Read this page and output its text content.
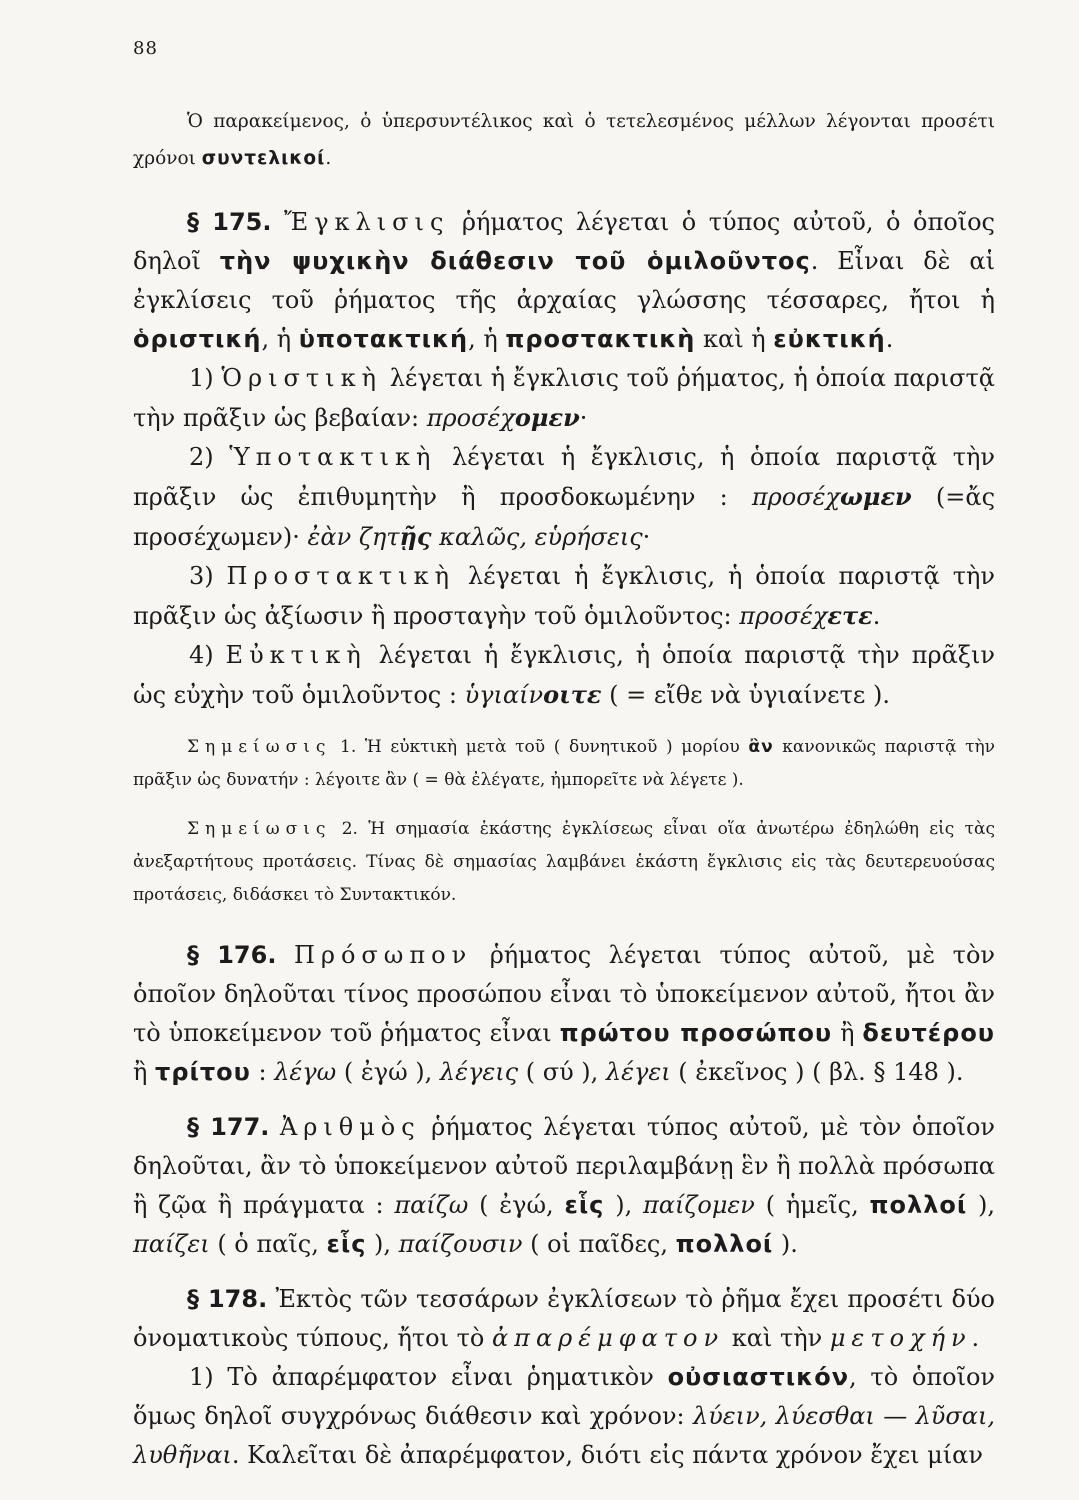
88

Ὁ παρακείμενος, ὁ ὑπερσυντέλικος καὶ ὁ τετελεσμένος μέλλων λέγονται προσέτι χρόνοι συντελικοί.

§ 175. Ἔγκλισις ῥήματος λέγεται ὁ τύπος αὐτοῦ, ὁ ὁποῖος δηλοῖ τὴν ψυχικὴν διάθεσιν τοῦ ὁμιλοῦντος. Εἶναι δὲ αἱ ἐγκλίσεις τοῦ ῥήματος τῆς ἀρχαίας γλώσσης τέσσαρες, ἤτοι ἡ ὁριστική, ἡ ὑποτακτική, ἡ προστακτικὴ καὶ ἡ εὐκτική.

1) Ὁριστικὴ λέγεται ἡ ἔγκλισις τοῦ ῥήματος, ἡ ὁποία παριστᾷ τὴν πρᾶξιν ὡς βεβαίαν: προσέχομεν·

2) Ὑποτακτικὴ λέγεται ἡ ἔγκλισις, ἡ ὁποία παριστᾷ τὴν πρᾶξιν ὡς ἐπιθυμητὴν ἢ προσδοκωμένην : προσέχωμεν (=ἄς προσέχωμεν)· ἐὰν ζητῇς καλῶς, εὑρήσεις·

3) Προστακτικὴ λέγεται ἡ ἔγκλισις, ἡ ὁποία παριστᾷ τὴν πρᾶξιν ὡς ἀξίωσιν ἢ προσταγὴν τοῦ ὁμιλοῦντος: προσέχετε.

4) Εὐκτικὴ λέγεται ἡ ἔγκλισις, ἡ ὁποία παριστᾷ τὴν πρᾶξιν ὡς εὐχὴν τοῦ ὁμιλοῦντος : ὑγιαίνοιτε ( = εἴθε νὰ ὑγιαίνετε ).

Σημείωσις 1. Ἡ εὐκτικὴ μετὰ τοῦ ( δυνητικοῦ ) μορίου ἂν κανονικῶς παριστᾷ τὴν πρᾶξιν ὡς δυνατήν : λέγοιτε ἂν ( = θὰ ἐλέγατε, ἠμπορεῖτε νὰ λέγετε ).

Σημείωσις 2. Ἡ σημασία ἑκάστης ἐγκλίσεως εἶναι οἵα ἀνωτέρω ἐδηλώθη εἰς τὰς ἀνεξαρτήτους προτάσεις. Τίνας δὲ σημασίας λαμβάνει ἑκάστη ἔγκλισις εἰς τὰς δευτερευούσας προτάσεις, διδάσκει τὸ Συντακτικόν.

§ 176. Πρόσωπον ῥήματος λέγεται τύπος αὐτοῦ, μὲ τὸν ὁποῖον δηλοῦται τίνος προσώπου εἶναι τὸ ὑποκείμενον αὐτοῦ, ἤτοι ἂν τὸ ὑποκείμενον τοῦ ῥήματος εἶναι πρώτου προσώπου ἢ δευτέρου ἢ τρίτου : λέγω ( ἐγώ ), λέγεις ( σύ ), λέγει ( ἐκεῖνος ) ( βλ. § 148 ).

§ 177. Ἀριθμὸς ῥήματος λέγεται τύπος αὐτοῦ, μὲ τὸν ὁποῖον δηλοῦται, ἂν τὸ ὑποκείμενον αὐτοῦ περιλαμβάνῃ ἓν ἢ πολλὰ πρόσωπα ἢ ζῷα ἢ πράγματα : παίζω ( ἐγώ, εἷς ), παίζομεν ( ἡμεῖς, πολλοί ), παίζει ( ὁ παῖς, εἷς ), παίζουσιν ( οἱ παῖδες, πολλοί ).

§ 178. Ἐκτὸς τῶν τεσσάρων ἐγκλίσεων τὸ ῥῆμα ἔχει προσέτι δύο ὀνοματικοὺς τύπους, ἤτοι τὸ ἀπαρέμφατον καὶ τὴν μετοχήν.

1) Τὸ ἀπαρέμφατον εἶναι ῥηματικὸν οὐσιαστικόν, τὸ ὁποῖον ὅμως δηλοῖ συγχρόνως διάθεσιν καὶ χρόνον: λύειν, λύεσθαι — λῦσαι, λυθῆναι. Καλεῖται δὲ ἀπαρέμφατον, διότι εἰς πάντα χρόνον ἔχει μίαν
